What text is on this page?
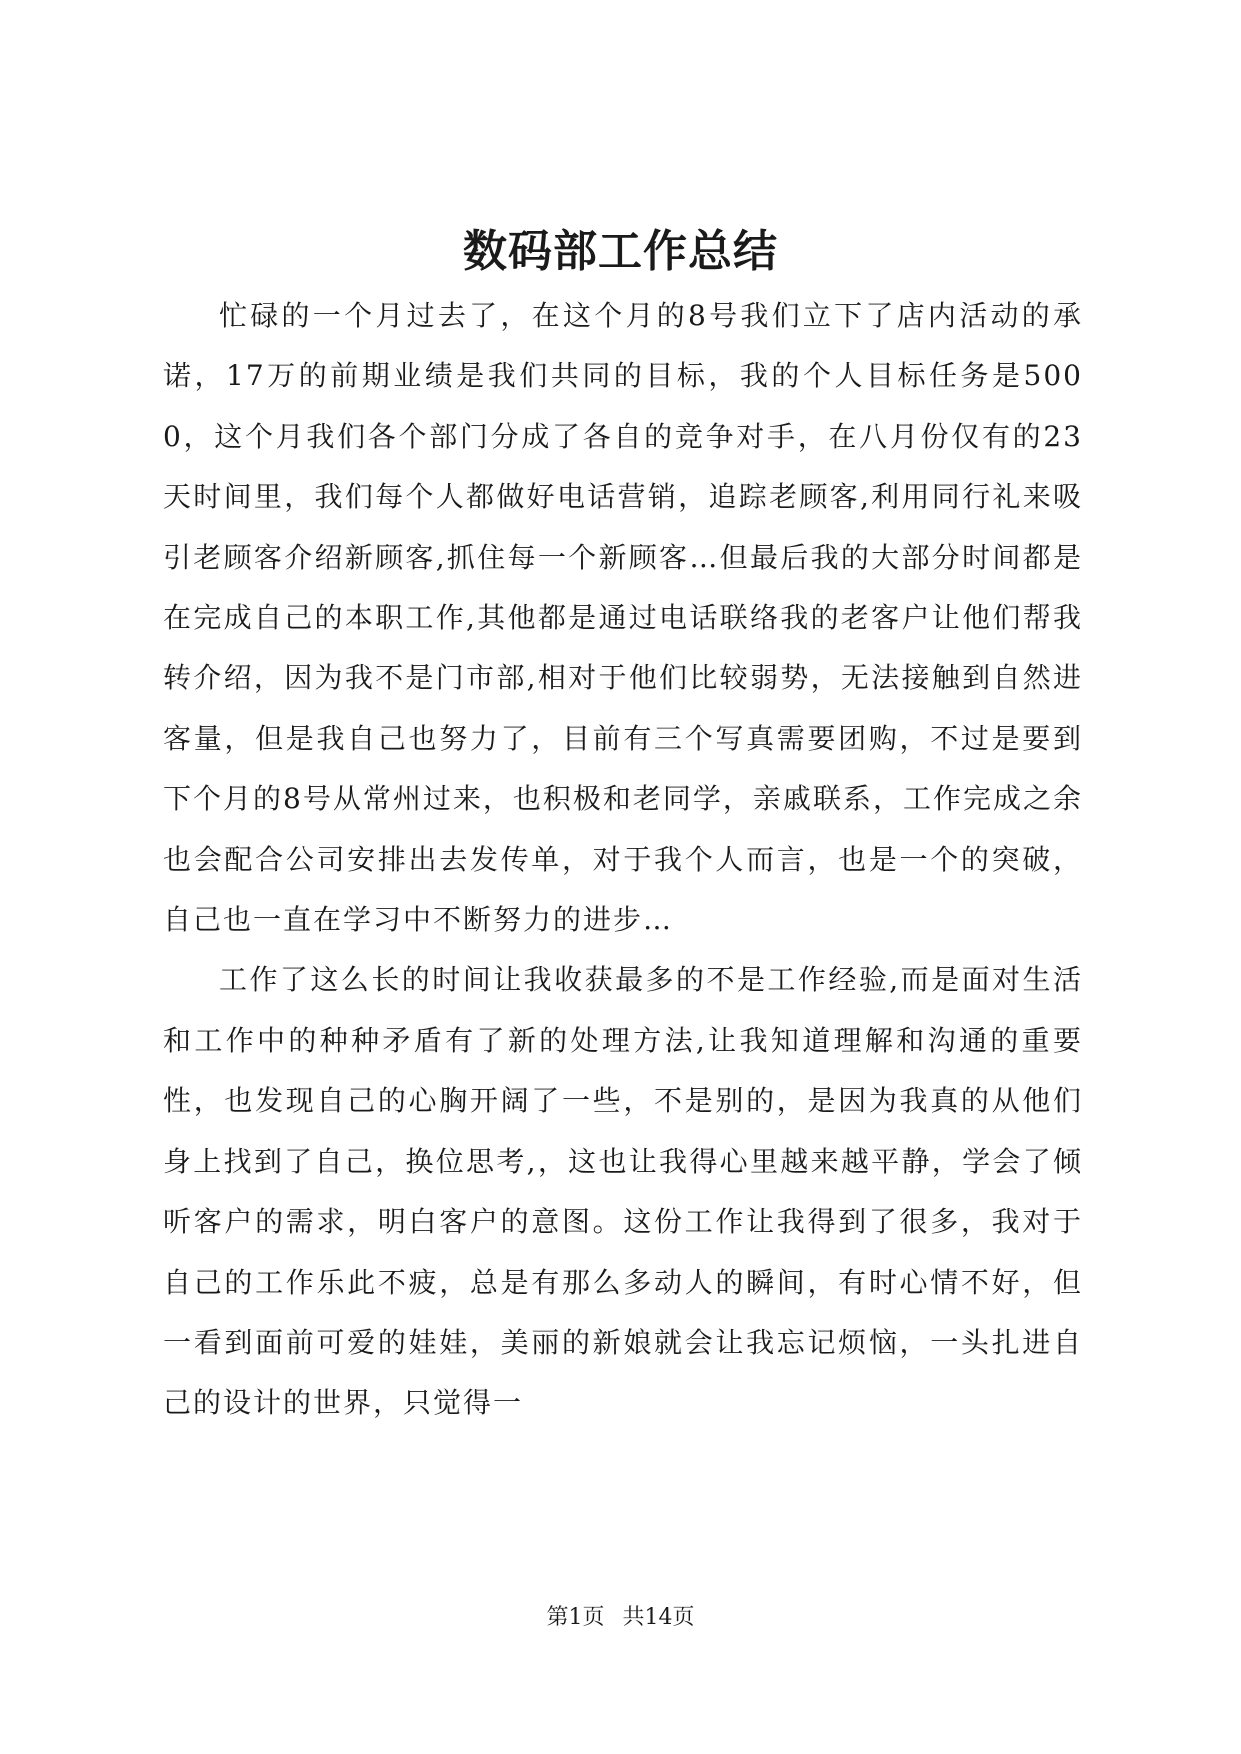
数码部工作总结

忙碌的一个月过去了，在这个月的8号我们立下了店内活动的承诺，17万的前期业绩是我们共同的目标，我的个人目标任务是5000，这个月我们各个部门分成了各自的竞争对手，在八月份仅有的23天时间里，我们每个人都做好电话营销，追踪老顾客,利用同行礼来吸引老顾客介绍新顾客,抓住每一个新顾客…但最后我的大部分时间都是在完成自己的本职工作,其他都是通过电话联络我的老客户让他们帮我转介绍，因为我不是门市部,相对于他们比较弱势，无法接触到自然进客量，但是我自己也努力了，目前有三个写真需要团购，不过是要到下个月的8号从常州过来，也积极和老同学，亲戚联系，工作完成之余也会配合公司安排出去发传单，对于我个人而言，也是一个的突破，自己也一直在学习中不断努力的进步…

工作了这么长的时间让我收获最多的不是工作经验,而是面对生活和工作中的种种矛盾有了新的处理方法,让我知道理解和沟通的重要性，也发现自己的心胸开阔了一些，不是别的，是因为我真的从他们身上找到了自己，换位思考,，这也让我得心里越来越平静，学会了倾听客户的需求，明白客户的意图。这份工作让我得到了很多，我对于自己的工作乐此不疲，总是有那么多动人的瞬间，有时心情不好，但一看到面前可爱的娃娃，美丽的新娘就会让我忘记烦恼，一头扎进自己的设计的世界，只觉得一

第1页 共14页
